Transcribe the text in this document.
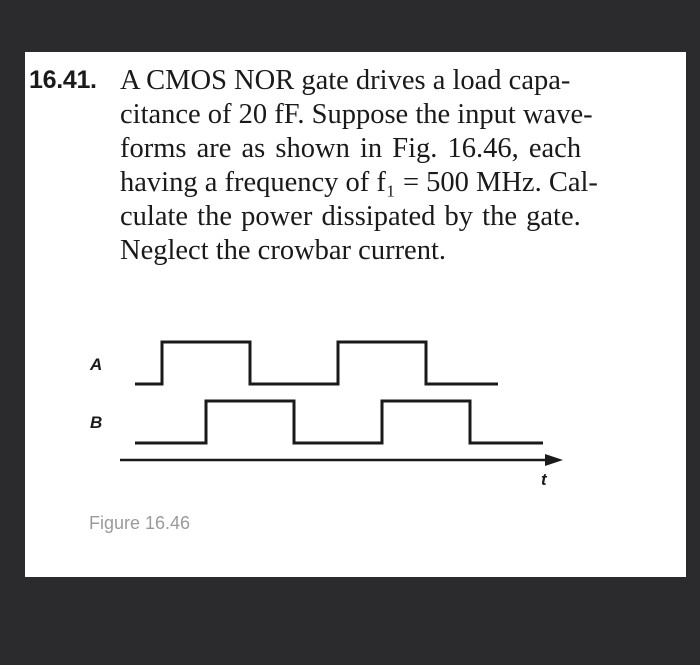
16.41. A CMOS NOR gate drives a load capa-
citance of 20 fF. Suppose the input wave-
forms are as shown in Fig. 16.46, each
having a frequency of f₁ = 500 MHz. Cal-
culate the power dissipated by the gate.
Neglect the crowbar current.
A
B
t
Figure 16.46
